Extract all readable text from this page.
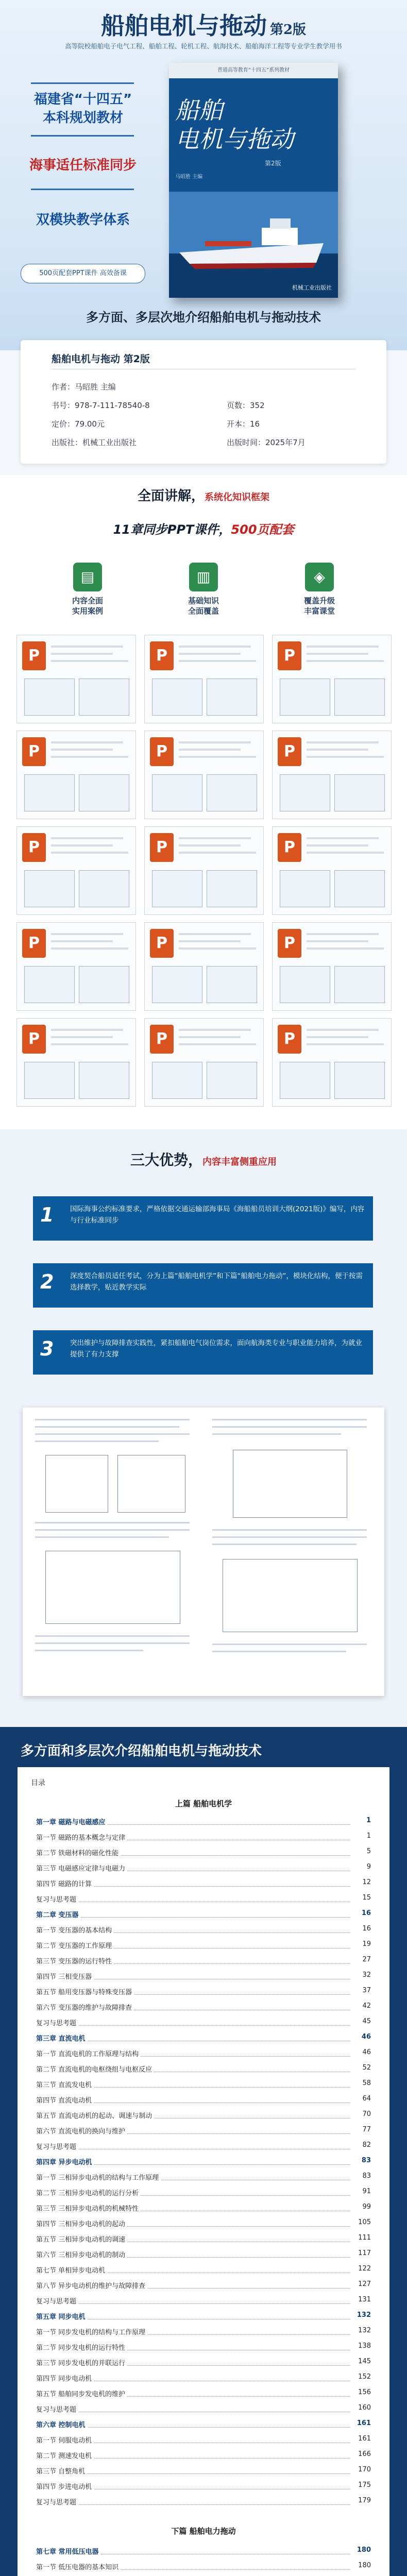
船舶电机与拖动 第2版
高等院校船舶电子电气工程、船舶工程、轮机工程、航海技术、船舶海洋工程等专业学生教学用书
福建省“十四五”
本科规划教材
海事适任标准同步
双模块教学体系
500页配套PPT课件 高效备课
普通高等教育“十四五”系列教材
船舶
电机与拖动
第2版
马昭胜 主编
机械工业出版社
多方面、多层次地介绍船舶电机与拖动技术
船舶电机与拖动 第2版
作者：马昭胜 主编
书号：978-7-111-78540-8	页数：352
定价：79.00元	开本：16
出版社：机械工业出版社	出版时间：2025年7月
全面讲解，系统化知识框架
11章同步PPT课件，500页配套
▤
内容全面
实用案例
▥
基础知识
全面覆盖
◈
覆盖升级
丰富课堂
P	P	P
P	P	P
P	P	P
P	P	P
P	P	P
三大优势，内容丰富侧重应用
1	国际海事公约标准要求，严格依据交通运输部海事局《海船船员培训大纲(2021版)》编写，内容与行业标准同步
2	深度契合船员适任考试，分为上篇“船舶电机学”和下篇“船舶电力拖动”，模块化结构，便于按需选择教学，贴近教学实际
3	突出维护与故障排查实践性，紧扣船舶电气岗位需求，面向航海类专业与职业能力培养，为就业提供了有力支撑
多方面和多层次介绍船舶电机与拖动技术
目录
上篇 船舶电机学
第一章 磁路与电磁感应	1
第一节 磁路的基本概念与定律	1
第二节 铁磁材料的磁化性能	5
第三节 电磁感应定律与电磁力	9
第四节 磁路的计算	12
复习与思考题	15
第二章 变压器	16
第一节 变压器的基本结构	16
第二节 变压器的工作原理	19
第三节 变压器的运行特性	27
第四节 三相变压器	32
第五节 船用变压器与特殊变压器	37
第六节 变压器的维护与故障排查	42
复习与思考题	45
第三章 直流电机	46
第一节 直流电机的工作原理与结构	46
第二节 直流电机的电枢绕组与电枢反应	52
第三节 直流发电机	58
第四节 直流电动机	64
第五节 直流电动机的起动、调速与制动	70
第六节 直流电机的换向与维护	77
复习与思考题	82
第四章 异步电动机	83
第一节 三相异步电动机的结构与工作原理	83
第二节 三相异步电动机的运行分析	91
第三节 三相异步电动机的机械特性	99
第四节 三相异步电动机的起动	105
第五节 三相异步电动机的调速	111
第六节 三相异步电动机的制动	117
第七节 单相异步电动机	122
第八节 异步电动机的维护与故障排查	127
复习与思考题	131
第五章 同步电机	132
第一节 同步发电机的结构与工作原理	132
第二节 同步发电机的运行特性	138
第三节 同步发电机的并联运行	145
第四节 同步电动机	152
第五节 船舶同步发电机的维护	156
复习与思考题	160
第六章 控制电机	161
第一节 伺服电动机	161
第二节 测速发电机	166
第三节 自整角机	170
第四节 步进电动机	175
复习与思考题	179
下篇 船舶电力拖动
第七章 常用低压电器	180
第一节 低压电器的基本知识	180
